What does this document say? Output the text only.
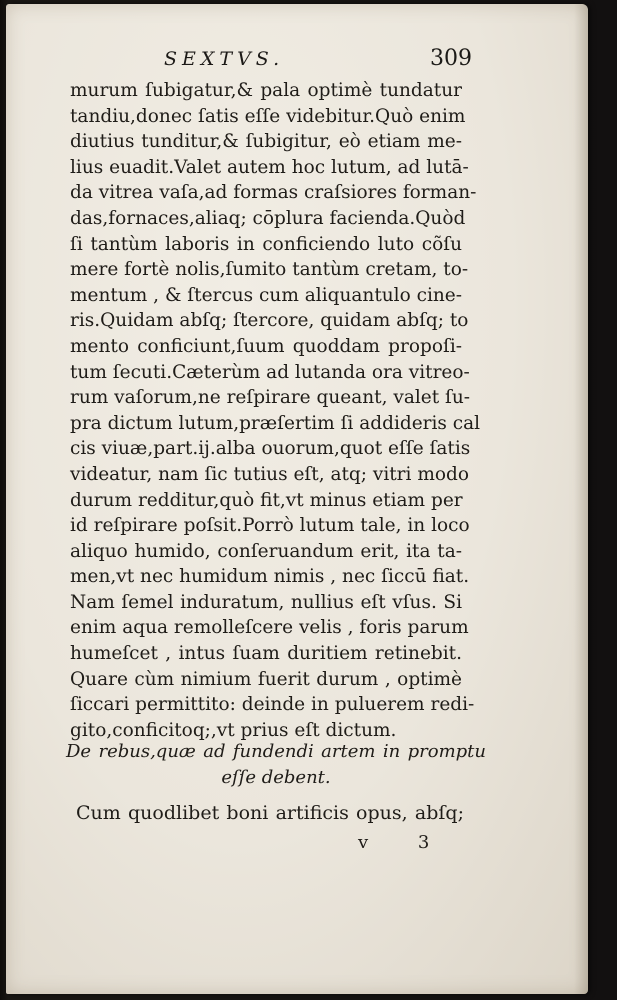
SEXTVS.	309
murum ſubigatur,& pala optimè tundatur
tandiu,donec ſatis eſſe videbitur.Quò enim
diutius tunditur,& ſubigitur, eò etiam me-
lius euadit.Valet autem hoc lutum, ad lutā-
da vitrea vaſa,ad formas craſsiores forman-
das,fornaces,aliaq; cōplura facienda.Quòd
ſi tantùm laboris in conficiendo luto cõſu
mere fortè nolis,ſumito tantùm cretam, to-
mentum , & ſtercus cum aliquantulo cine-
ris.Quidam abſq; ſtercore, quidam abſq; to
mento conficiunt,ſuum quoddam propoſi-
tum ſecuti.Cæterùm ad lutanda ora vitreo-
rum vaſorum,ne reſpirare queant, valet ſu-
pra dictum lutum,præſertim ſi addideris cal
cis viuæ,part.ij.alba ouorum,quot eſſe ſatis
videatur, nam ſic tutius eſt, atq; vitri modo
durum redditur,quò fit,vt minus etiam per
id reſpirare poſsit.Porrò lutum tale, in loco
aliquo humido, conſeruandum erit, ita ta-
men,vt nec humidum nimis , nec ſiccū fiat.
Nam ſemel induratum, nullius eſt vſus. Si
enim aqua remolleſcere velis , foris parum
humeſcet , intus ſuam duritiem retinebit.
Quare cùm nimium fuerit durum , optimè
ſiccari permittito: deinde in puluerem redi-
gito,conficitoq;,vt prius eſt dictum.
De rebus,quæ ad fundendi artem in promptu
eſſe debent.
Cum quodlibet boni artificis opus, abſq;
v 3
